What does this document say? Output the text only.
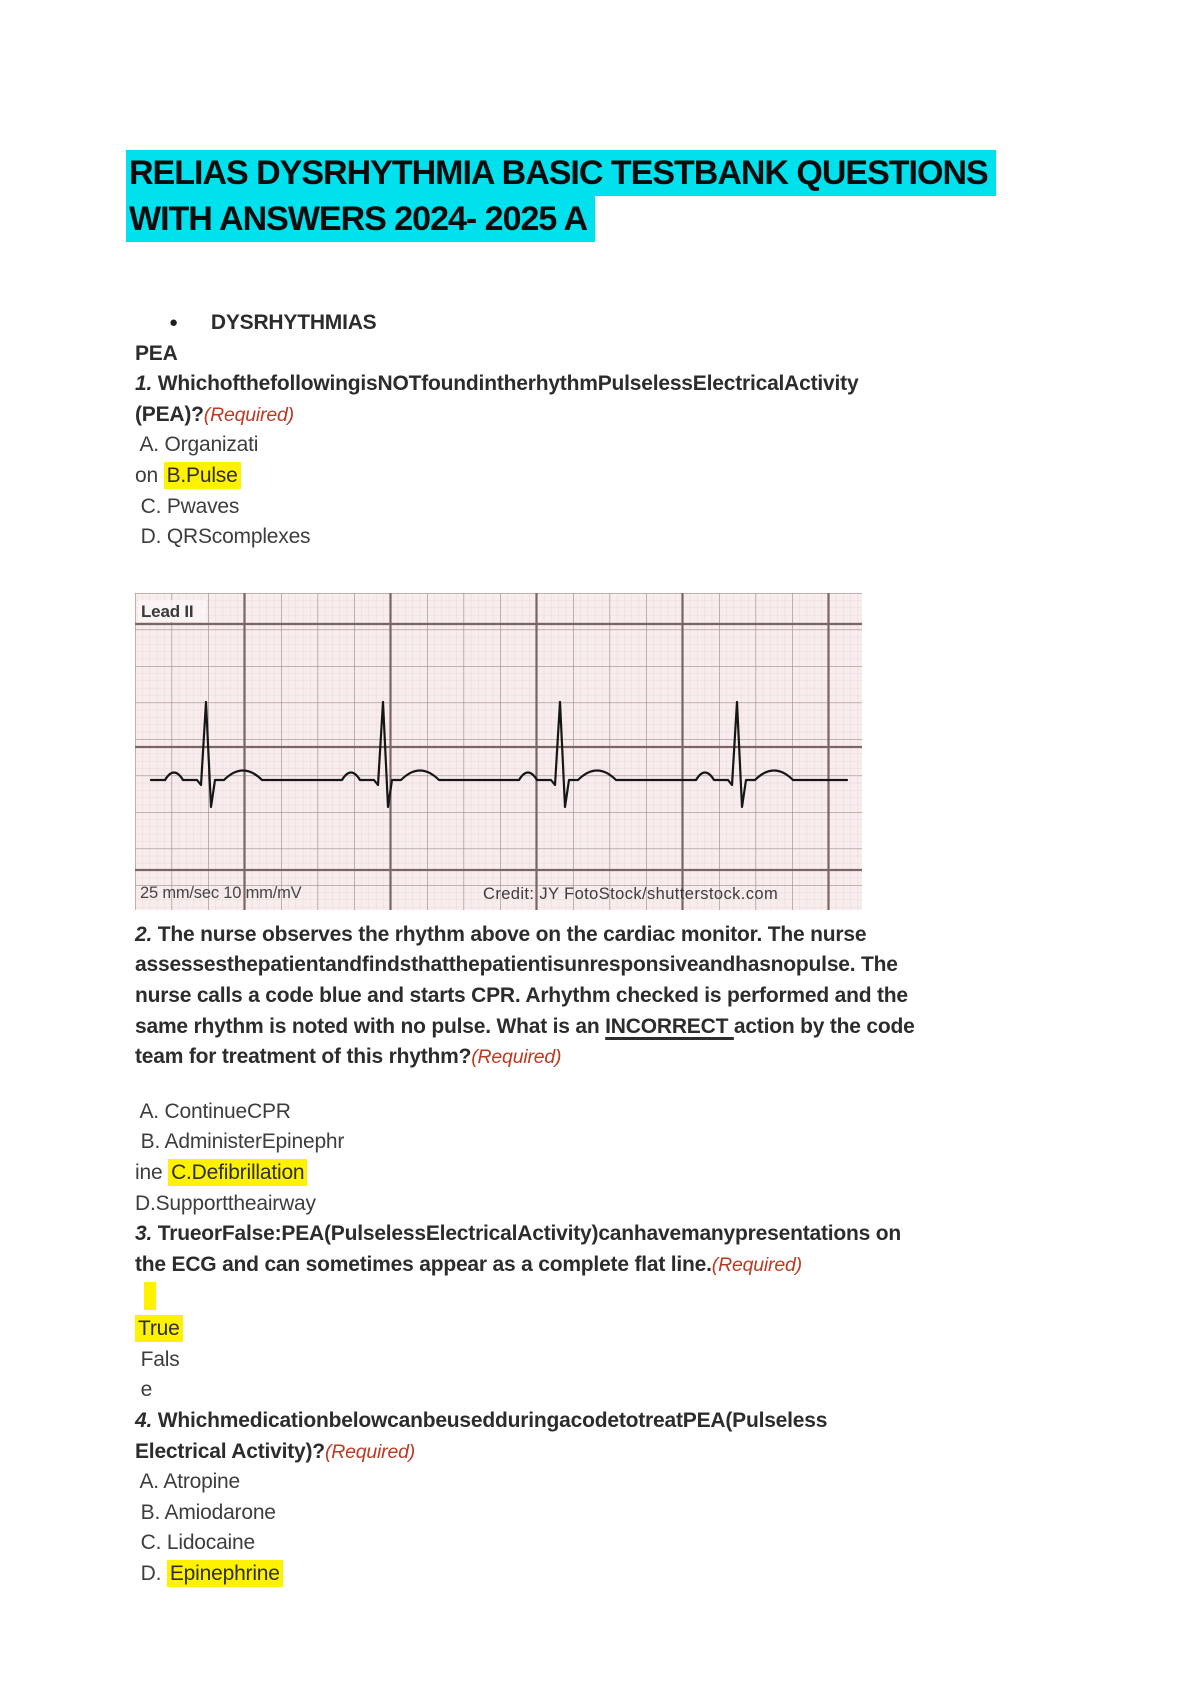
RELIAS DYSRHYTHMIA BASIC TESTBANK QUESTIONS WITH ANSWERS 2024- 2025 A
● DYSRHYTHMIAS
PEA
1. WhichofthefollowingisNOTfoundintherhythmPulselessElectricalActivity
(PEA)?(Required)
A. Organizati
on B.Pulse
C. Pwaves
D. QRScomplexes
Lead II
25 mm/sec 10 mm/mV	Credit: JY FotoStock/shutterstock.com
2. The nurse observes the rhythm above on the cardiac monitor. The nurse
assessesthepatientandfindsthatthepatientisunresponsiveandhasnopulse. The
nurse calls a code blue and starts CPR. Arhythm checked is performed and the
same rhythm is noted with no pulse. What is an INCORRECT action by the code
team for treatment of this rhythm?(Required)
A. ContinueCPR
B. AdministerEpinephr
ine C.Defibrillation
D.Supporttheairway
3. TrueorFalse:PEA(PulselessElectricalActivity)canhavemanypresentations on
the ECG and can sometimes appear as a complete flat line.(Required)
True
Fals
e
4. WhichmedicationbelowcanbeusedduringacodetotreatPEA(Pulseless
Electrical Activity)?(Required)
A. Atropine
B. Amiodarone
C. Lidocaine
D. Epinephrine
